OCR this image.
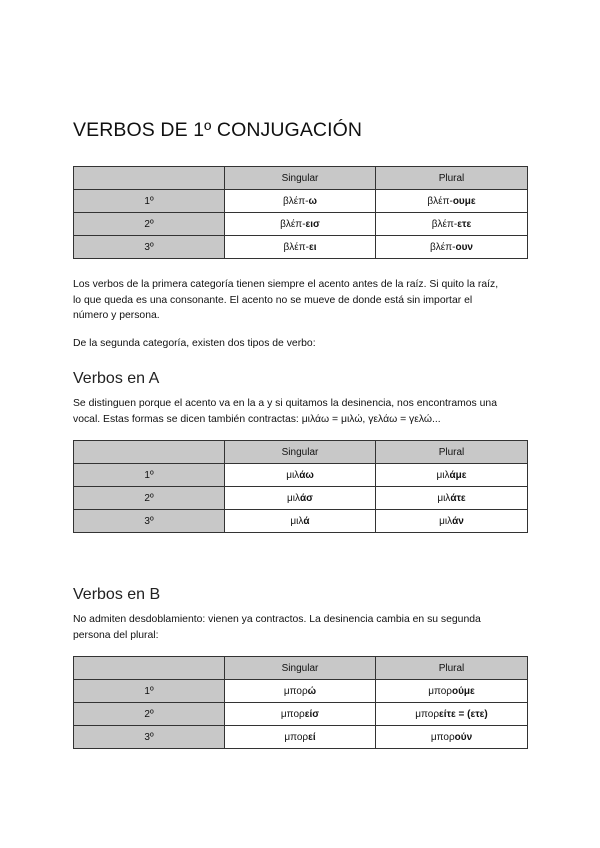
VERBOS DE 1º CONJUGACIÓN
	Singular	Plural
1º	βλέπ-ω	βλέπ-ουμε
2º	βλέπ-εισ	βλέπ-ετε
3º	βλέπ-ει	βλέπ-ουν

Los verbos de la primera categoría tienen siempre el acento antes de la raíz. Si quito la raíz,
lo que queda es una consonante. El acento no se mueve de donde está sin importar el
número y persona.

De la segunda categoría, existen dos tipos de verbo:

Verbos en A

Se distinguen porque el acento va en la a y si quitamos la desinencia, nos encontramos una
vocal. Estas formas se dicen también contractas: μιλάω = μιλώ, γελάω = γελώ...

	Singular	Plural
1º	μιλάω	μιλάμε
2º	μιλάσ	μιλάτε
3º	μιλά	μιλάν
Verbos en B

No admiten desdoblamiento: vienen ya contractos. La desinencia cambia en su segunda
persona del plural:

	Singular	Plural
1º	μπορώ	μπορούμε
2º	μπορείσ	μπορείτε = (ετε)
3º	μπορεί	μπορούν
